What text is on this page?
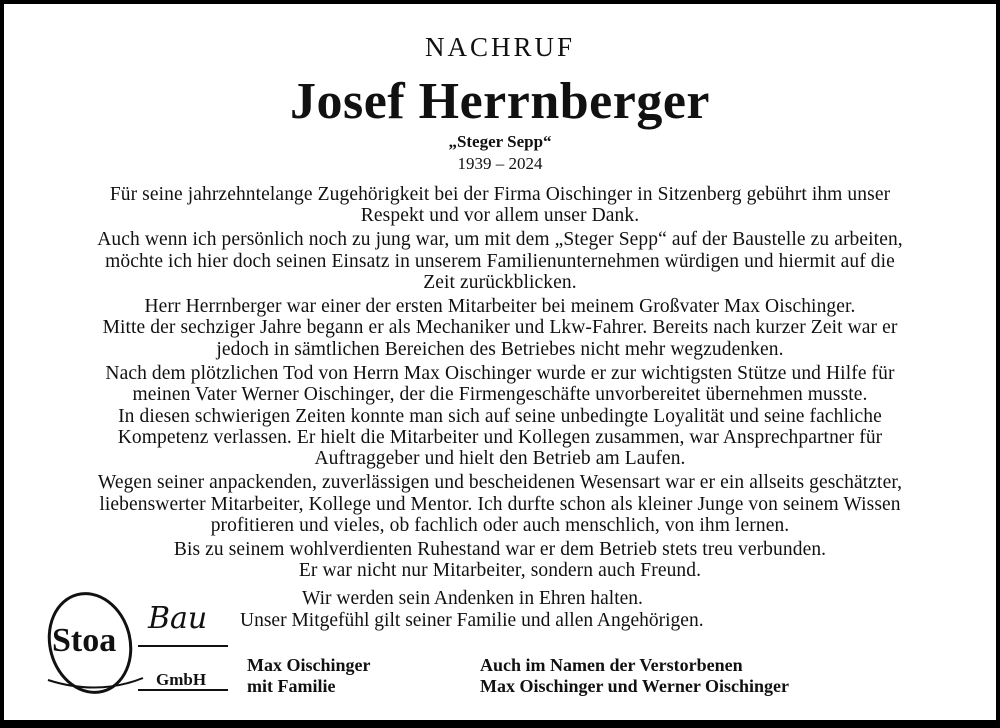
NACHRUF
Josef Herrnberger
„Steger Sepp“
1939 – 2024
Für seine jahrzehntelange Zugehörigkeit bei der Firma Oischinger in Sitzenberg gebührt ihm unser
Respekt und vor allem unser Dank.
Auch wenn ich persönlich noch zu jung war, um mit dem „Steger Sepp“ auf der Baustelle zu arbeiten,
möchte ich hier doch seinen Einsatz in unserem Familienunternehmen würdigen und hiermit auf die
Zeit zurückblicken.
Herr Herrnberger war einer der ersten Mitarbeiter bei meinem Großvater Max Oischinger.
Mitte der sechziger Jahre begann er als Mechaniker und Lkw-Fahrer. Bereits nach kurzer Zeit war er
jedoch in sämtlichen Bereichen des Betriebes nicht mehr wegzudenken.
Nach dem plötzlichen Tod von Herrn Max Oischinger wurde er zur wichtigsten Stütze und Hilfe für
meinen Vater Werner Oischinger, der die Firmengeschäfte unvorbereitet übernehmen musste.
In diesen schwierigen Zeiten konnte man sich auf seine unbedingte Loyalität und seine fachliche
Kompetenz verlassen. Er hielt die Mitarbeiter und Kollegen zusammen, war Ansprechpartner für
Auftraggeber und hielt den Betrieb am Laufen.
Wegen seiner anpackenden, zuverlässigen und bescheidenen Wesensart war er ein allseits geschätzter,
liebenswerter Mitarbeiter, Kollege und Mentor. Ich durfte schon als kleiner Junge von seinem Wissen
profitieren und vieles, ob fachlich oder auch menschlich, von ihm lernen.
Bis zu seinem wohlverdienten Ruhestand war er dem Betrieb stets treu verbunden.
Er war nicht nur Mitarbeiter, sondern auch Freund.
Stoa
Bau
GmbH
Wir werden sein Andenken in Ehren halten.
Unser Mitgefühl gilt seiner Familie und allen Angehörigen.
Max Oischinger
mit Familie
Auch im Namen der Verstorbenen
Max Oischinger und Werner Oischinger
